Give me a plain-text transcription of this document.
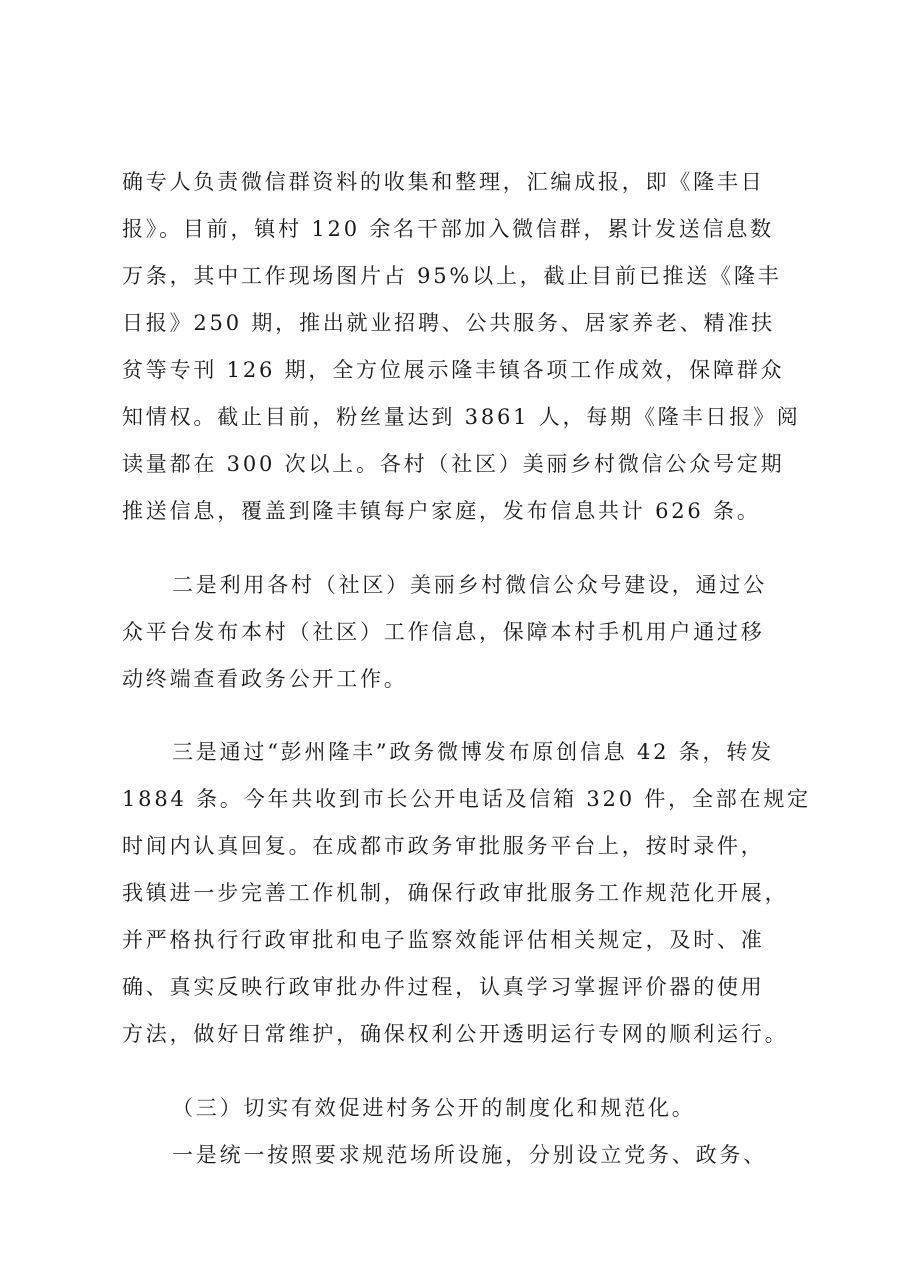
确专人负责微信群资料的收集和整理，汇编成报，即《隆丰日
报》。目前，镇村 120 余名干部加入微信群，累计发送信息数
万条，其中工作现场图片占 95%以上，截止目前已推送《隆丰
日报》250 期，推出就业招聘、公共服务、居家养老、精准扶
贫等专刊 126 期，全方位展示隆丰镇各项工作成效，保障群众
知情权。截止目前，粉丝量达到 3861 人，每期《隆丰日报》阅
读量都在 300 次以上。各村（社区）美丽乡村微信公众号定期
推送信息，覆盖到隆丰镇每户家庭，发布信息共计 626 条。
二是利用各村（社区）美丽乡村微信公众号建设，通过公
众平台发布本村（社区）工作信息，保障本村手机用户通过移
动终端查看政务公开工作。
三是通过“彭州隆丰”政务微博发布原创信息 42 条，转发
1884 条。今年共收到市长公开电话及信箱 320 件，全部在规定
时间内认真回复。在成都市政务审批服务平台上，按时录件，
我镇进一步完善工作机制，确保行政审批服务工作规范化开展，
并严格执行行政审批和电子监察效能评估相关规定，及时、准
确、真实反映行政审批办件过程，认真学习掌握评价器的使用
方法，做好日常维护，确保权利公开透明运行专网的顺利运行。
（三）切实有效促进村务公开的制度化和规范化。
一是统一按照要求规范场所设施，分别设立党务、政务、
